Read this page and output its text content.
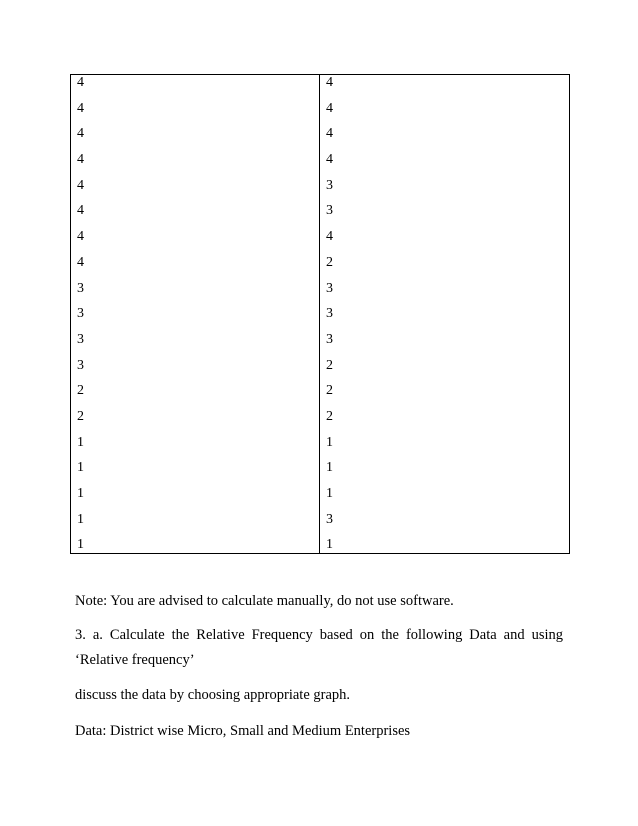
4
4
4
4
4
4
4
4
3
3
3
3
2
2
1
1
1
1
1
4
4
4
4
3
3
4
2
3
3
3
2
2
2
1
1
1
3
1
Note: You are advised to calculate manually, do not use software.
3. a. Calculate the Relative Frequency based on the following Data and using
‘Relative frequency’
discuss the data by choosing appropriate graph.
Data: District wise Micro, Small and Medium Enterprises
